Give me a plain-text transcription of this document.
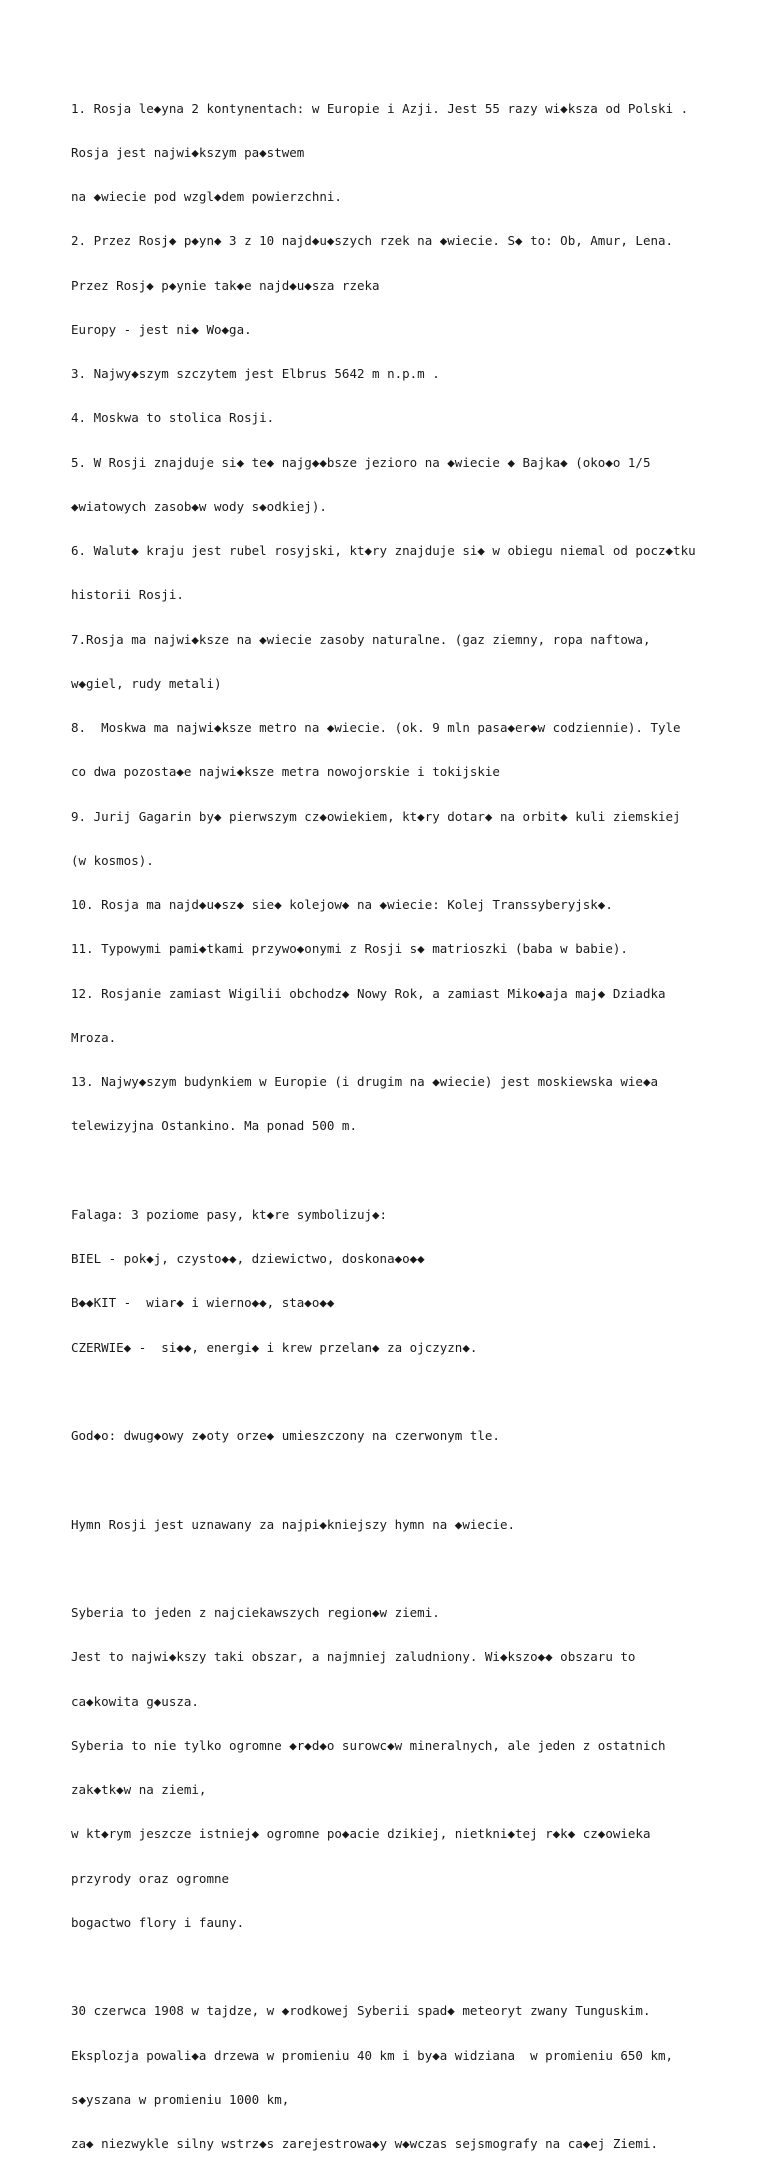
1. Rosja le◆yna 2 kontynentach: w Europie i Azji. Jest 55 razy wi◆ksza od Polski .

Rosja jest najwi◆kszym pa◆stwem

na ◆wiecie pod wzgl◆dem powierzchni.

2. Przez Rosj◆ p◆yn◆ 3 z 10 najd◆u◆szych rzek na ◆wiecie. S◆ to: Ob, Amur, Lena.

Przez Rosj◆ p◆ynie tak◆e najd◆u◆sza rzeka

Europy - jest ni◆ Wo◆ga.

3. Najwy◆szym szczytem jest Elbrus 5642 m n.p.m .

4. Moskwa to stolica Rosji.

5. W Rosji znajduje si◆ te◆ najg◆◆bsze jezioro na ◆wiecie ◆ Bajka◆ (oko◆o 1/5

◆wiatowych zasob◆w wody s◆odkiej).

6. Walut◆ kraju jest rubel rosyjski, kt◆ry znajduje si◆ w obiegu niemal od pocz◆tku

historii Rosji.

7.Rosja ma najwi◆ksze na ◆wiecie zasoby naturalne. (gaz ziemny, ropa naftowa,

w◆giel, rudy metali)

8.  Moskwa ma najwi◆ksze metro na ◆wiecie. (ok. 9 mln pasa◆er◆w codziennie). Tyle

co dwa pozosta◆e najwi◆ksze metra nowojorskie i tokijskie

9. Jurij Gagarin by◆ pierwszym cz◆owiekiem, kt◆ry dotar◆ na orbit◆ kuli ziemskiej

(w kosmos).

10. Rosja ma najd◆u◆sz◆ sie◆ kolejow◆ na ◆wiecie: Kolej Transsyberyjsk◆.

11. Typowymi pami◆tkami przywo◆onymi z Rosji s◆ matrioszki (baba w babie).

12. Rosjanie zamiast Wigilii obchodz◆ Nowy Rok, a zamiast Miko◆aja maj◆ Dziadka

Mroza.

13. Najwy◆szym budynkiem w Europie (i drugim na ◆wiecie) jest moskiewska wie◆a

telewizyjna Ostankino. Ma ponad 500 m.

Falaga: 3 poziome pasy, kt◆re symbolizuj◆:

BIEL - pok◆j, czysto◆◆, dziewictwo, doskona◆o◆◆

B◆◆KIT -  wiar◆ i wierno◆◆, sta◆o◆◆

CZERWIE◆ -  si◆◆, energi◆ i krew przelan◆ za ojczyzn◆.

God◆o: dwug◆owy z◆oty orze◆ umieszczony na czerwonym tle.

Hymn Rosji jest uznawany za najpi◆kniejszy hymn na ◆wiecie.

Syberia to jeden z najciekawszych region◆w ziemi.

Jest to najwi◆kszy taki obszar, a najmniej zaludniony. Wi◆kszo◆◆ obszaru to

ca◆kowita g◆usza.

Syberia to nie tylko ogromne ◆r◆d◆o surowc◆w mineralnych, ale jeden z ostatnich

zak◆tk◆w na ziemi,

w kt◆rym jeszcze istniej◆ ogromne po◆acie dzikiej, nietkni◆tej r◆k◆ cz◆owieka

przyrody oraz ogromne

bogactwo flory i fauny.

30 czerwca 1908 w tajdze, w ◆rodkowej Syberii spad◆ meteoryt zwany Tunguskim.

Eksplozja powali◆a drzewa w promieniu 40 km i by◆a widziana  w promieniu 650 km,

s◆yszana w promieniu 1000 km,

za◆ niezwykle silny wstrz◆s zarejestrowa◆y w◆wczas sejsmografy na ca◆ej Ziemi.
